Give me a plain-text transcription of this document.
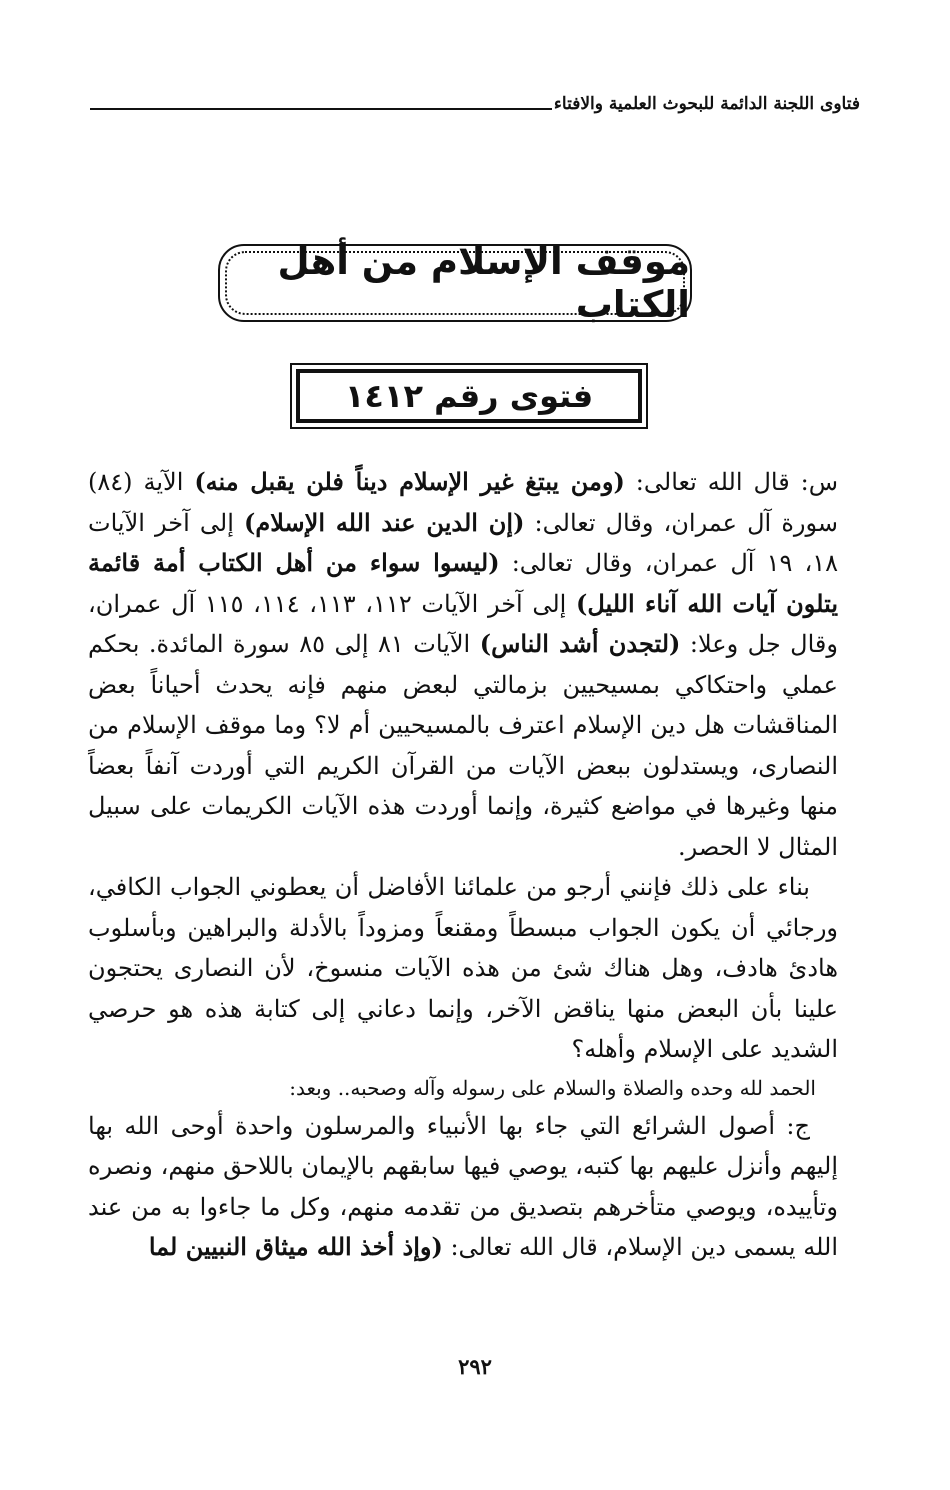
فتاوى اللجنة الدائمة للبحوث العلمية والافتاء
موقف الإسلام من أهل الكتاب
فتوى رقم ١٤١٢

س: قال الله تعالى: (ومن يبتغ غير الإسلام ديناً فلن يقبل منه) الآية (٨٤) سورة آل عمران، وقال تعالى: (إن الدين عند الله الإسلام) إلى آخر الآيات ١٨، ١٩ آل عمران، وقال تعالى: (ليسوا سواء من أهل الكتاب أمة قائمة يتلون آيات الله آناء الليل) إلى آخر الآيات ١١٢، ١١٣، ١١٤، ١١٥ آل عمران، وقال جل وعلا: (لتجدن أشد الناس) الآيات ٨١ إلى ٨٥ سورة المائدة. بحكم عملي واحتكاكي بمسيحيين بزمالتي لبعض منهم فإنه يحدث أحياناً بعض المناقشات هل دين الإسلام اعترف بالمسيحيين أم لا؟ وما موقف الإسلام من النصارى، ويستدلون ببعض الآيات من القرآن الكريم التي أوردت آنفاً بعضاً منها وغيرها في مواضع كثيرة، وإنما أوردت هذه الآيات الكريمات على سبيل المثال لا الحصر.

بناء على ذلك فإنني أرجو من علمائنا الأفاضل أن يعطوني الجواب الكافي، ورجائي أن يكون الجواب مبسطاً ومقنعاً ومزوداً بالأدلة والبراهين وبأسلوب هادئ هادف، وهل هناك شئ من هذه الآيات منسوخ، لأن النصارى يحتجون علينا بأن البعض منها يناقض الآخر، وإنما دعاني إلى كتابة هذه هو حرصي الشديد على الإسلام وأهله؟

الحمد لله وحده والصلاة والسلام على رسوله وآله وصحبه.. وبعد:

ج: أصول الشرائع التي جاء بها الأنبياء والمرسلون واحدة أوحى الله بها إليهم وأنزل عليهم بها كتبه، يوصي فيها سابقهم بالإيمان باللاحق منهم، ونصره وتأييده، ويوصي متأخرهم بتصديق من تقدمه منهم، وكل ما جاءوا به من عند الله يسمى دين الإسلام، قال الله تعالى: (وإذ أخذ الله ميثاق النبيين لما

٢٩٢
